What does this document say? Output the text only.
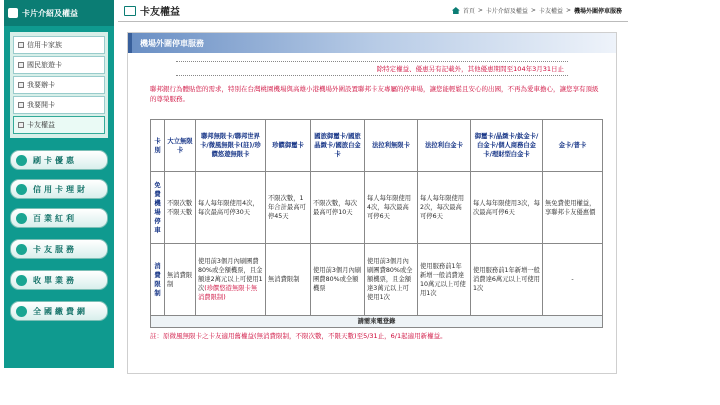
卡片介紹及權益
信用卡家族
國民旅遊卡
我要辦卡
我要開卡
卡友權益
刷卡優惠
信用卡理財
百業紅利
卡友服務
收單業務
全國繳費網
卡友權益	首頁 > 卡片介紹及權益 > 卡友權益 > 機場外圍停車服務
機場外圍停車服務
除特定權益、優惠另有記載外，其他優惠期間至104年3月31日止
聯邦銀行為體貼您的需求，特別在台灣桃園機場與高雄小港機場外圍設置聯邦卡友專屬的停車場，讓您能輕鬆且安心的出國，不再為愛車擔心，讓您享有頂級的尊榮服務。
卡別	大立無限卡	聯邦無限卡/聯邦世界卡/微風無限卡(註)/珍饌悠遊無限卡	珍饌御璽卡	國旅御璽卡/國旅晶緻卡/國旅白金卡	法拉利無限卡	法拉利白金卡	御璽卡/晶緻卡/鈦金卡/白金卡/個人商務白金卡/理財型白金卡	金卡/普卡
免費機場停車	不限次數不限天數	每人每年限使用4次，每次最高可停30天	不限次數，1年合計最高可停45天	不限次數，每次最高可停10天	每人每年限使用4次，每次最高可停6天	每人每年限使用2次，每次最高可停6天	每人每年限使用3次，每次最高可停6天	無免費使用權益，享聯邦卡友優惠價
消費限制	無消費限制	使用前3個月內刷團費80%或全額機票，且金額達2萬元以上可使用1次(珍饌悠遊無限卡無消費限制)	無消費限制	使用前3個月內刷團費80%或全額機票	使用前3個月內刷團費80%或全額機票，且金額達3萬元以上可使用1次	使用服務前1年新增一般消費達10萬元以上可使用1次	使用服務前1年新增一般消費達6萬元以上可使用1次	-
請需來電登錄								
註：原微風無限卡之卡友適用舊權益(無消費限制，不限次數，不限天數)至5/31止，6/1起適用新權益。
